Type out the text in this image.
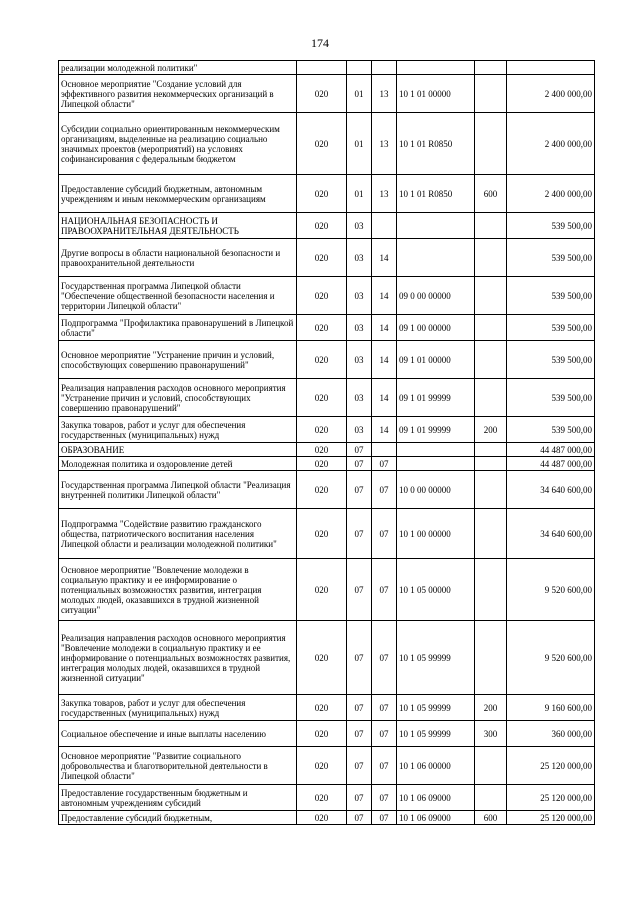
174
реализации молодежной политики"						
Основное мероприятие "Создание условий для эффективного развития некоммерческих организаций в Липецкой области"	020	01	13	10 1 01 00000		2 400 000,00
Субсидии социально ориентированным некоммерческим организациям, выделенные на реализацию социально значимых проектов (мероприятий) на условиях софинансирования с федеральным бюджетом	020	01	13	10 1 01 R0850		2 400 000,00
Предоставление субсидий бюджетным, автономным учреждениям и иным некоммерческим организациям	020	01	13	10 1 01 R0850	600	2 400 000,00
НАЦИОНАЛЬНАЯ БЕЗОПАСНОСТЬ И ПРАВООХРАНИТЕЛЬНАЯ ДЕЯТЕЛЬНОСТЬ	020	03				539 500,00
Другие вопросы в области национальной безопасности и правоохранительной деятельности	020	03	14			539 500,00
Государственная программа Липецкой области "Обеспечение общественной безопасности населения и территории Липецкой области"	020	03	14	09 0 00 00000		539 500,00
Подпрограмма "Профилактика правонарушений в Липецкой области"	020	03	14	09 1 00 00000		539 500,00
Основное мероприятие "Устранение причин и условий, способствующих совершению правонарушений"	020	03	14	09 1 01 00000		539 500,00
Реализация направления расходов основного мероприятия "Устранение причин и условий, способствующих совершению правонарушений"	020	03	14	09 1 01 99999		539 500,00
Закупка товаров, работ и услуг для обеспечения государственных (муниципальных) нужд	020	03	14	09 1 01 99999	200	539 500,00
ОБРАЗОВАНИЕ	020	07				44 487 000,00
Молодежная политика и оздоровление детей	020	07	07			44 487 000,00
Государственная программа Липецкой области "Реализация внутренней политики Липецкой области"	020	07	07	10 0 00 00000		34 640 600,00
Подпрограмма "Содействие развитию гражданского общества, патриотического воспитания населения Липецкой области и реализации молодежной политики"	020	07	07	10 1 00 00000		34 640 600,00
Основное мероприятие "Вовлечение молодежи в социальную практику и ее информирование о потенциальных возможностях развития, интеграция молодых людей, оказавшихся в трудной жизненной ситуации"	020	07	07	10 1 05 00000		9 520 600,00
Реализация направления расходов основного мероприятия "Вовлечение молодежи в социальную практику и ее информирование о потенциальных возможностях развития, интеграция молодых людей, оказавшихся в трудной жизненной ситуации"	020	07	07	10 1 05 99999		9 520 600,00
Закупка товаров, работ и услуг для обеспечения государственных (муниципальных) нужд	020	07	07	10 1 05 99999	200	9 160 600,00
Социальное обеспечение и иные выплаты населению	020	07	07	10 1 05 99999	300	360 000,00
Основное мероприятие "Развитие социального добровольчества и благотворительной деятельности в Липецкой области"	020	07	07	10 1 06 00000		25 120 000,00
Предоставление государственным бюджетным и автономным учреждениям субсидий	020	07	07	10 1 06 09000		25 120 000,00
Предоставление субсидий бюджетным,	020	07	07	10 1 06 09000	600	25 120 000,00
